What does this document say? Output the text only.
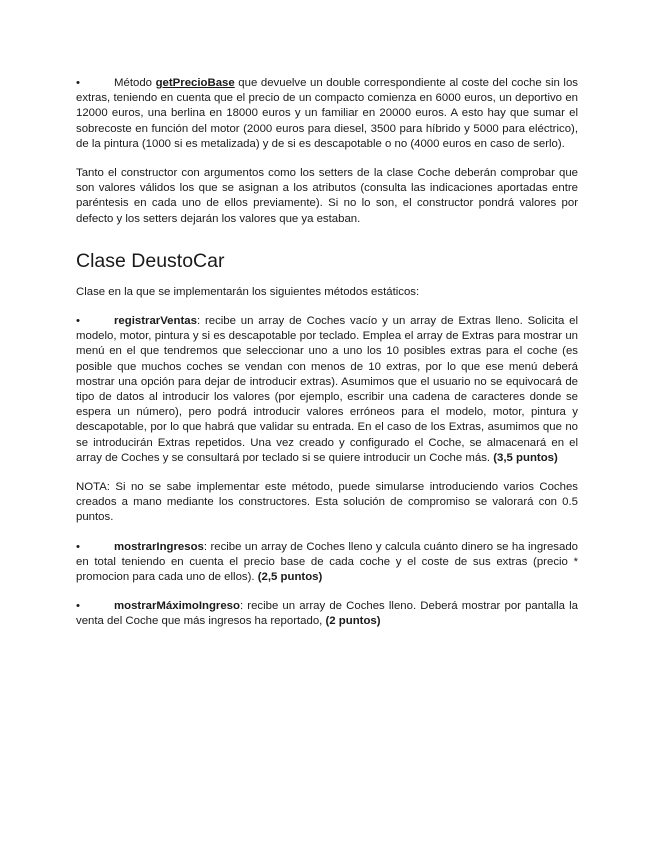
•	Método getPrecioBase que devuelve un double correspondiente al coste del coche sin los extras, teniendo en cuenta que el precio de un compacto comienza en 6000 euros, un deportivo en 12000 euros, una berlina en 18000 euros y un familiar en 20000 euros. A esto hay que sumar el sobrecoste en función del motor (2000 euros para diesel, 3500 para híbrido y 5000 para eléctrico), de la pintura (1000 si es metalizada) y de si es descapotable o no (4000 euros en caso de serlo).

Tanto el constructor con argumentos como los setters de la clase Coche deberán comprobar que son valores válidos los que se asignan a los atributos (consulta las indicaciones aportadas entre paréntesis en cada uno de ellos previamente). Si no lo son, el constructor pondrá valores por defecto y los setters dejarán los valores que ya estaban.

Clase DeustoCar

Clase en la que se implementarán los siguientes métodos estáticos:

•	registrarVentas: recibe un array de Coches vacío y un array de Extras lleno. Solicita el modelo, motor, pintura y si es descapotable por teclado. Emplea el array de Extras para mostrar un menú en el que tendremos que seleccionar uno a uno los 10 posibles extras para el coche (es posible que muchos coches se vendan con menos de 10 extras, por lo que ese menú deberá mostrar una opción para dejar de introducir extras). Asumimos que el usuario no se equivocará de tipo de datos al introducir los valores (por ejemplo, escribir una cadena de caracteres donde se espera un número), pero podrá introducir valores erróneos para el modelo, motor, pintura y descapotable, por lo que habrá que validar su entrada. En el caso de los Extras, asumimos que no se introducirán Extras repetidos. Una vez creado y configurado el Coche, se almacenará en el array de Coches y se consultará por teclado si se quiere introducir un Coche más. (3,5 puntos)

NOTA: Si no se sabe implementar este método, puede simularse introduciendo varios Coches creados a mano mediante los constructores. Esta solución de compromiso se valorará con 0.5 puntos.

•	mostrarIngresos: recibe un array de Coches lleno y calcula cuánto dinero se ha ingresado en total teniendo en cuenta el precio base de cada coche y el coste de sus extras (precio * promocion para cada uno de ellos). (2,5 puntos)

•	mostrarMáximoIngreso: recibe un array de Coches lleno. Deberá mostrar por pantalla la venta del Coche que más ingresos ha reportado, (2 puntos)
